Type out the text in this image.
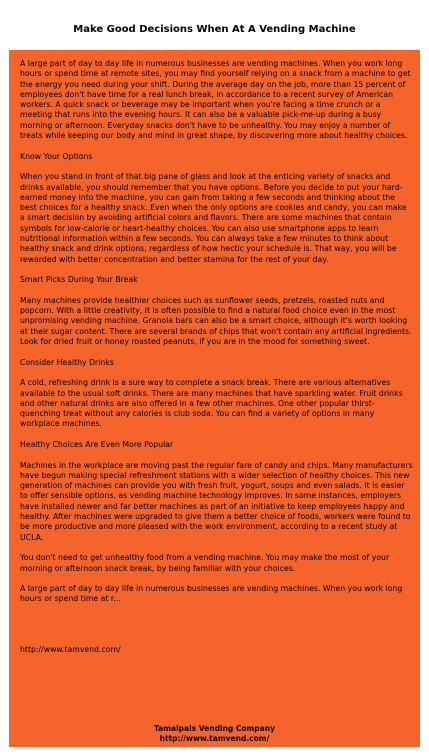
Make Good Decisions When At A Vending Machine

A large part of day to day life in numerous businesses are vending machines. When you work long hours or spend time at remote sites, you may find yourself relying on a snack from a machine to get the energy you need during your shift. During the average day on the job, more than 15 percent of employees don't have time for a real lunch break, in accordance to a recent survey of American workers. A quick snack or beverage may be important when you're facing a time crunch or a meeting that runs into the evening hours. It can also be a valuable pick-me-up during a busy morning or afternoon. Everyday snacks don't have to be unhealthy. You may enjoy a number of treats while keeping our body and mind in great shape, by discovering more about healthy choices.

Know Your Options

When you stand in front of that big pane of glass and look at the enticing variety of snacks and drinks available, you should remember that you have options. Before you decide to put your hard-earned money into the machine, you can gain from taking a few seconds and thinking about the best choices for a healthy snack. Even when the only options are cookies and candy, you can make a smart decision by avoiding artificial colors and flavors. There are some machines that contain symbols for low-calorie or heart-healthy choices. You can also use smartphone apps to learn nutritional information within a few seconds. You can always take a few minutes to think about healthy snack and drink options, regardless of how hectic your schedule is. That way, you will be rewarded with better concentration and better stamina for the rest of your day.

Smart Picks During Your Break

Many machines provide healthier choices such as sunflower seeds, pretzels, roasted nuts and popcorn. With a little creativity, it is often possible to find a natural food choice even in the most unpromising vending machine. Granola bars can also be a smart choice, although it's worth looking at their sugar content. There are several brands of chips that won't contain any artificial ingredients. Look for dried fruit or honey roasted peanuts, if you are in the mood for something sweet.

Consider Healthy Drinks

A cold, refreshing drink is a sure way to complete a snack break. There are various alternatives available to the usual soft drinks. There are many machines that have sparkling water. Fruit drinks and other natural drinks are also offered in a few other machines. One other popular thirst-quenching treat without any calories is club soda. You can find a variety of options in many workplace machines.

Healthy Choices Are Even More Popular

Machines in the workplace are moving past the regular fare of candy and chips. Many manufacturers have begun making special refreshment stations with a wider selection of healthy choices. This new generation of machines can provide you with fresh fruit, yogurt, soups and even salads. It is easier to offer sensible options, as vending machine technology improves. In some instances, employers have installed newer and far better machines as part of an initiative to keep employees happy and healthy. After machines were upgraded to give them a better choice of foods, workers were found to be more productive and more pleased with the work environment, according to a recent study at UCLA.

You don't need to get unhealthy food from a vending machine. You may make the most of your morning or afternoon snack break, by being familiar with your choices.

A large part of day to day life in numerous businesses are vending machines. When you work long hours or spend time at r...

http://www.tamvend.com/

Tamalpais Vending Company
http://www.tamvend.com/
